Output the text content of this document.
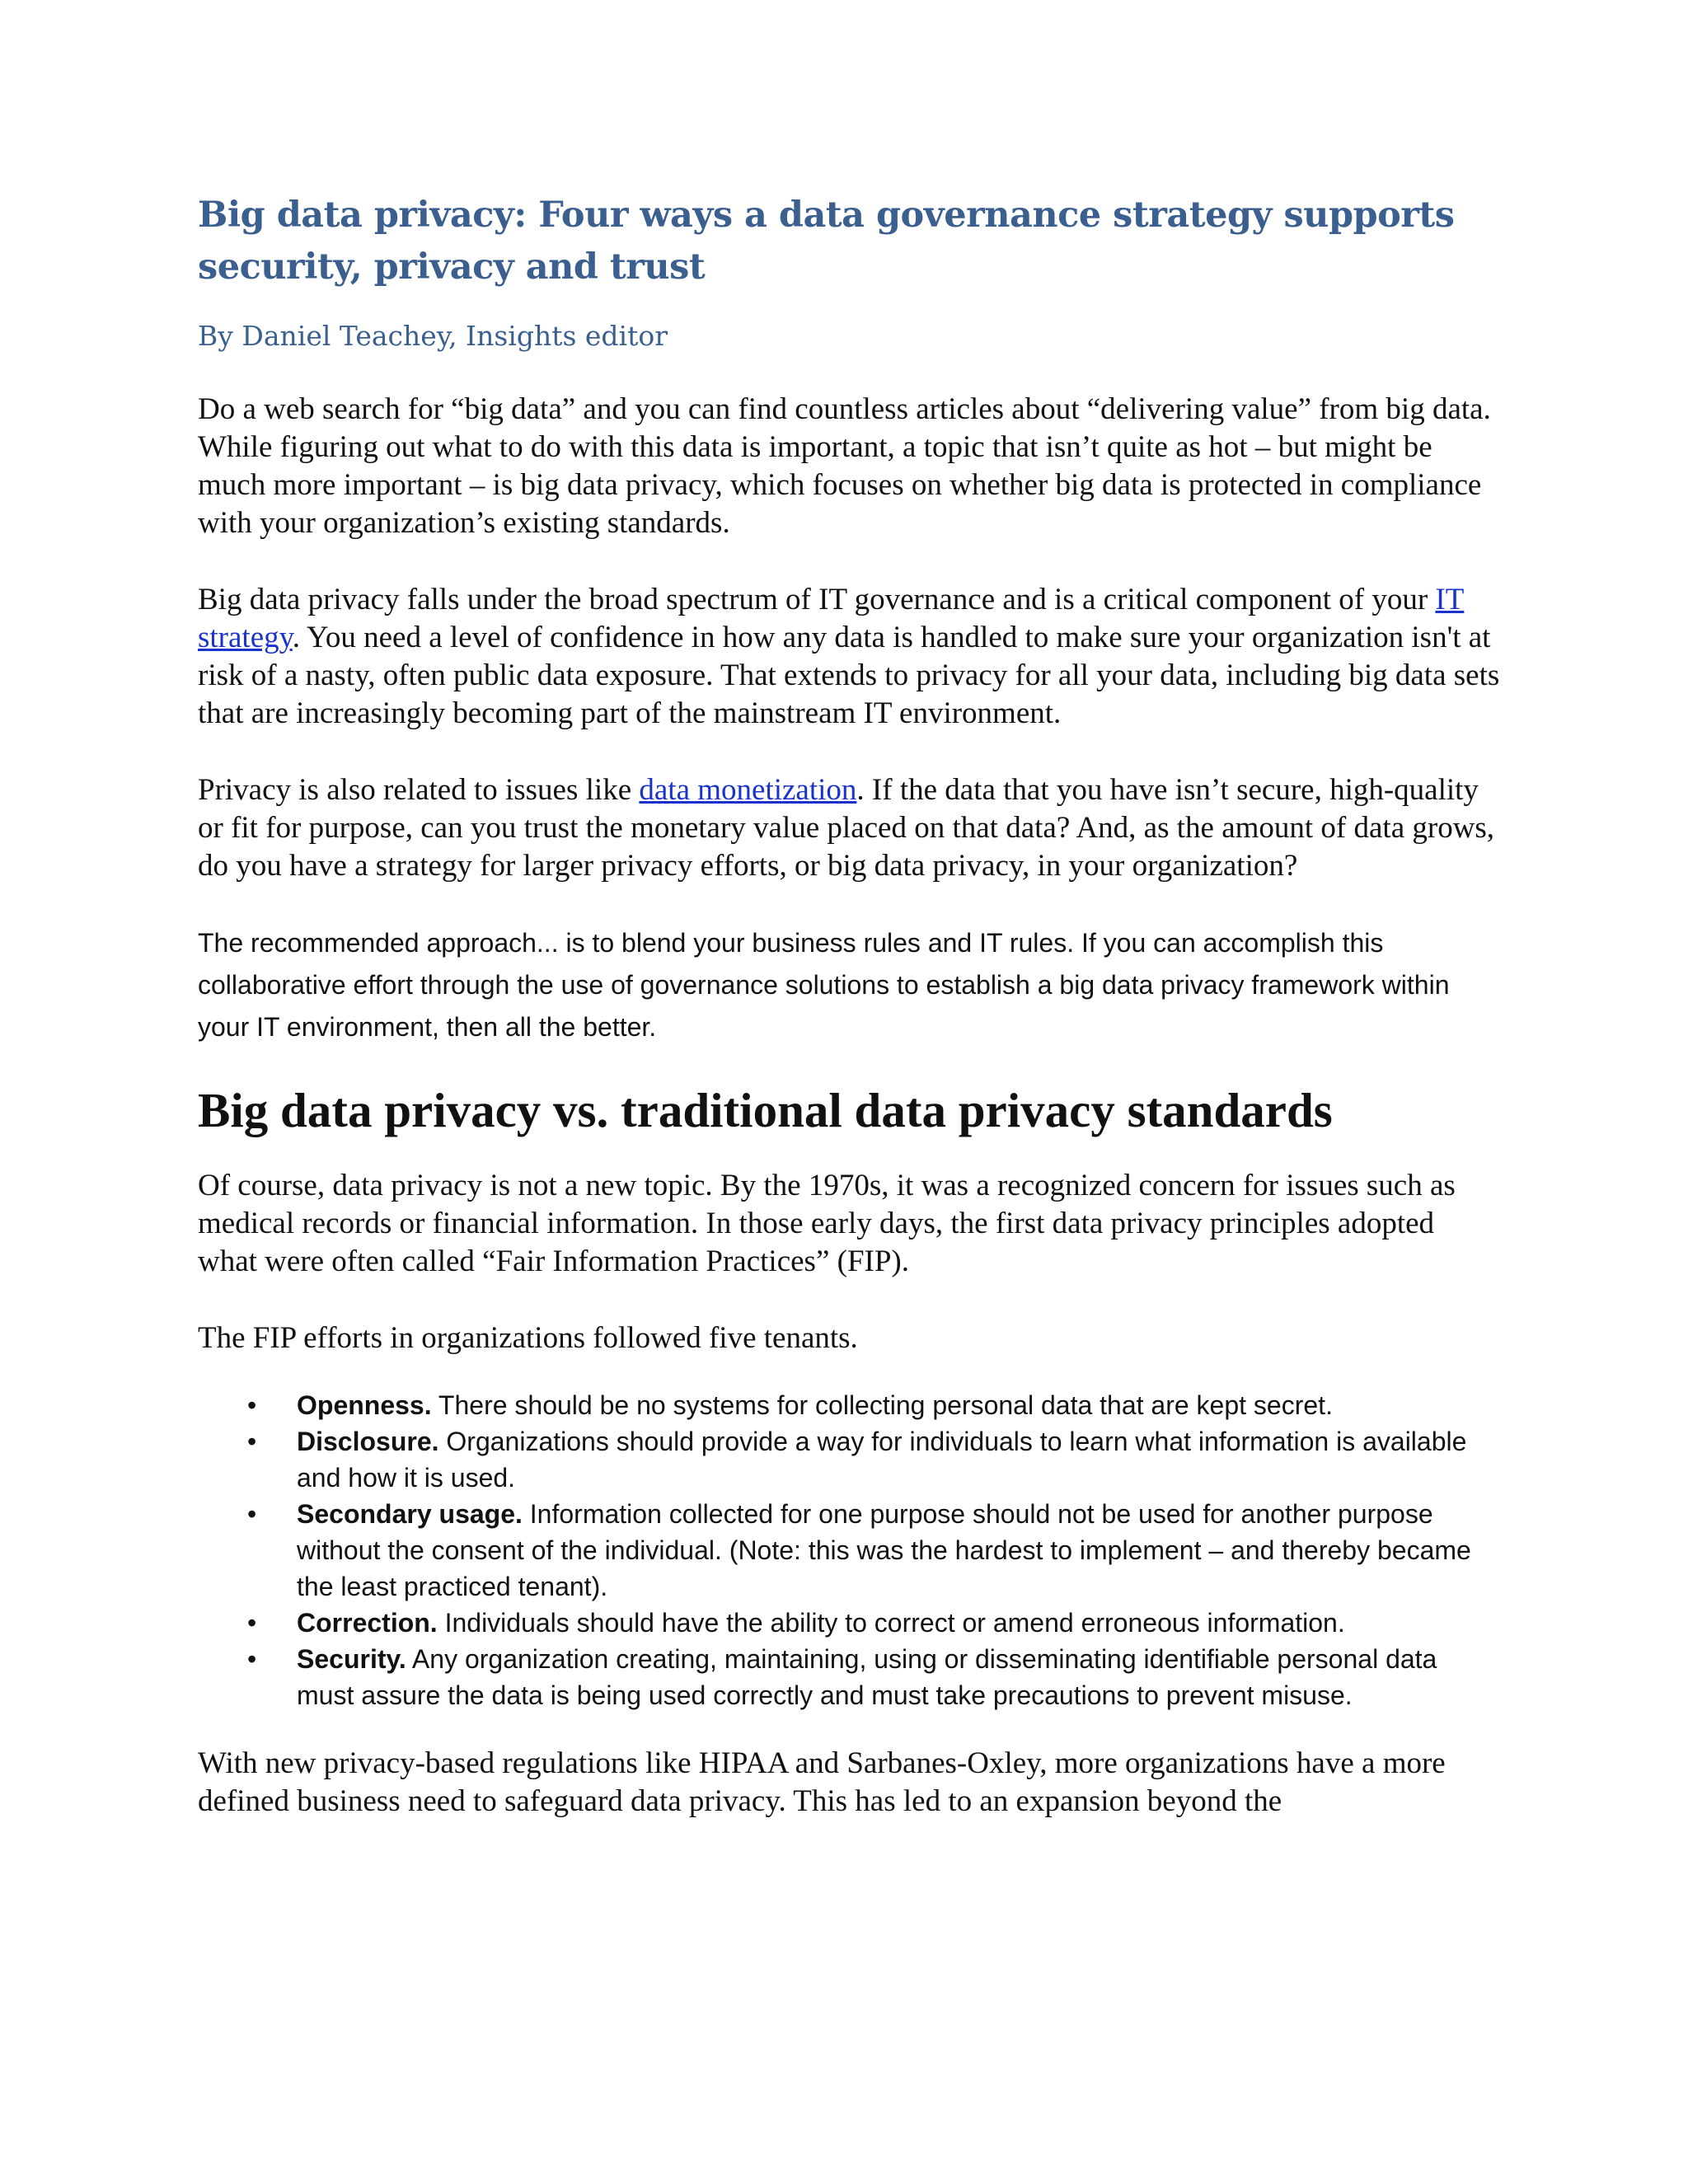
Big data privacy: Four ways a data governance strategy supports
security, privacy and trust
By Daniel Teachey, Insights editor

Do a web search for “big data” and you can find countless articles about “delivering value” from big data. While figuring out what to do with this data is important, a topic that isn’t quite as hot – but might be much more important – is big data privacy, which focuses on whether big data is protected in compliance with your organization’s existing standards.

Big data privacy falls under the broad spectrum of IT governance and is a critical component of your IT strategy. You need a level of confidence in how any data is handled to make sure your organization isn't at risk of a nasty, often public data exposure. That extends to privacy for all your data, including big data sets that are increasingly becoming part of the mainstream IT environment.

Privacy is also related to issues like data monetization. If the data that you have isn’t secure, high-quality or fit for purpose, can you trust the monetary value placed on that data? And, as the amount of data grows, do you have a strategy for larger privacy efforts, or big data privacy, in your organization?

The recommended approach... is to blend your business rules and IT rules. If you can accomplish this collaborative effort through the use of governance solutions to establish a big data privacy framework within your IT environment, then all the better.

Big data privacy vs. traditional data privacy standards

Of course, data privacy is not a new topic. By the 1970s, it was a recognized concern for issues such as medical records or financial information. In those early days, the first data privacy principles adopted what were often called “Fair Information Practices” (FIP).

The FIP efforts in organizations followed five tenants.

• Openness. There should be no systems for collecting personal data that are kept secret.
• Disclosure. Organizations should provide a way for individuals to learn what information is available and how it is used.
• Secondary usage. Information collected for one purpose should not be used for another purpose without the consent of the individual. (Note: this was the hardest to implement – and thereby became the least practiced tenant).
• Correction. Individuals should have the ability to correct or amend erroneous information.
• Security. Any organization creating, maintaining, using or disseminating identifiable personal data must assure the data is being used correctly and must take precautions to prevent misuse.

With new privacy-based regulations like HIPAA and Sarbanes-Oxley, more organizations have a more defined business need to safeguard data privacy. This has led to an expansion beyond the
